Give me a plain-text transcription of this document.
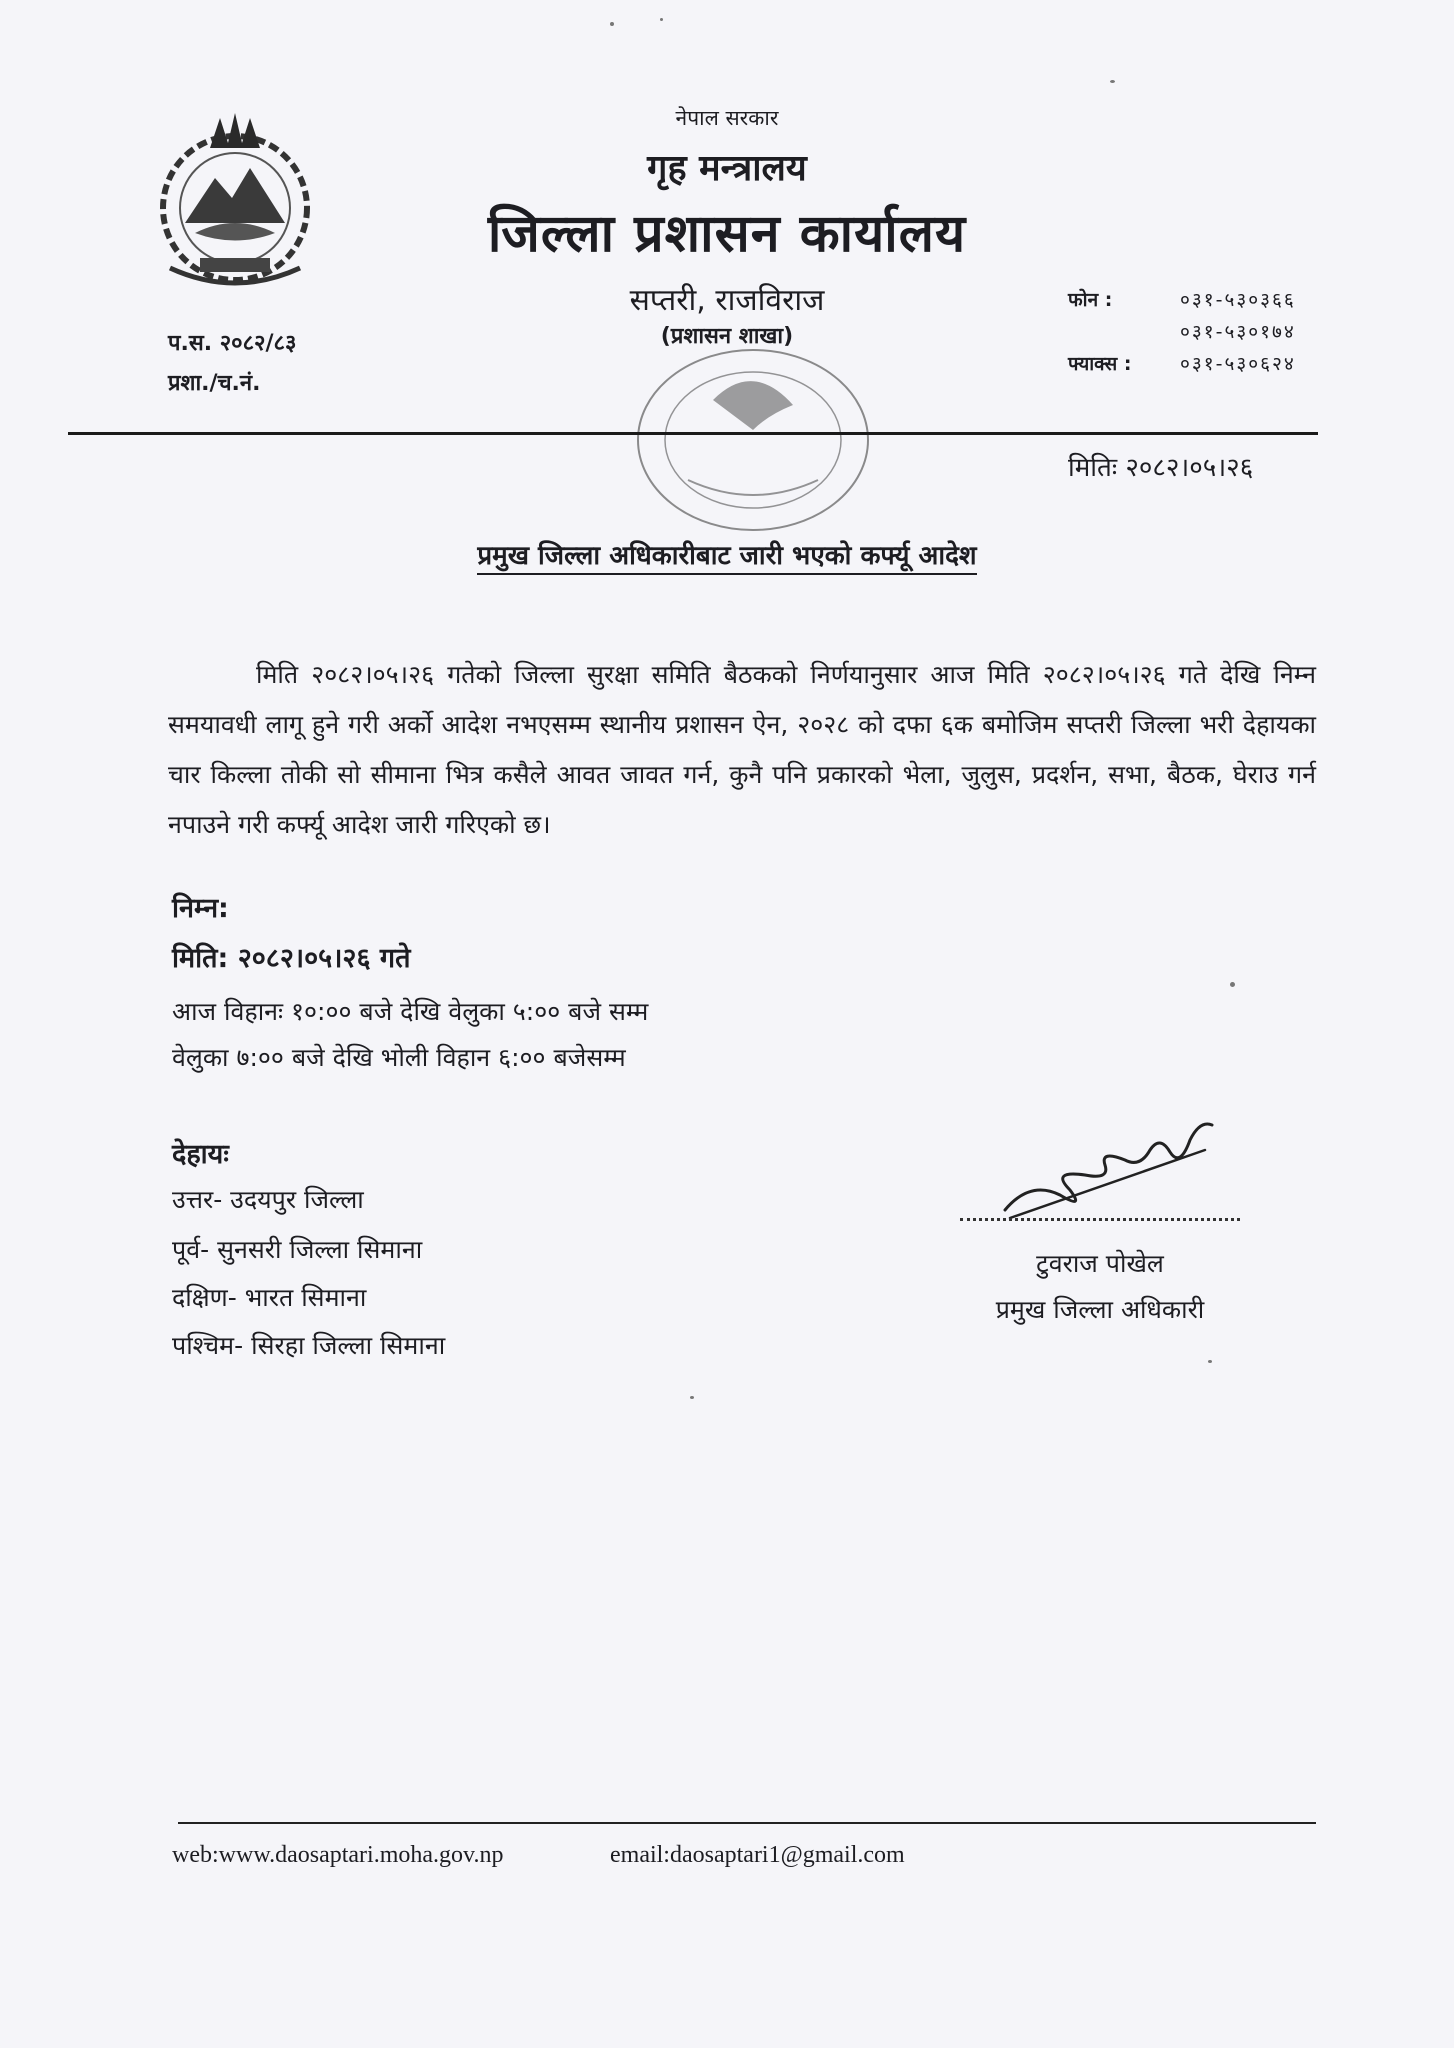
नेपाल सरकार
गृह मन्त्रालय
जिल्ला प्रशासन कार्यालय
सप्तरी, राजविराज
(प्रशासन शाखा)
प.स. २०८२/८३
प्रशा./च.नं.
फोन :	०३१-५३०३६६
०३१-५३०१७४
फ्याक्स :	०३१-५३०६२४
मितिः २०८२।०५।२६
प्रमुख जिल्ला अधिकारीबाट जारी भएको कर्फ्यू आदेश
मिति २०८२।०५।२६ गतेको जिल्ला सुरक्षा समिति बैठकको निर्णयानुसार आज मिति २०८२।०५।२६ गते देखि निम्न समयावधी लागू हुने गरी अर्को आदेश नभएसम्म स्थानीय प्रशासन ऐन, २०२८ को दफा ६क बमोजिम सप्तरी जिल्ला भरी देहायका चार किल्ला तोकी सो सीमाना भित्र कसैले आवत जावत गर्न, कुनै पनि प्रकारको भेला, जुलुस, प्रदर्शन, सभा, बैठक, घेराउ गर्न नपाउने गरी कर्फ्यू आदेश जारी गरिएको छ।
निम्न:
मिति: २०८२।०५।२६ गते
आज विहानः १०:०० बजे देखि वेलुका ५:०० बजे सम्म
वेलुका ७:०० बजे देखि भोली विहान ६:०० बजेसम्म
देहायः
उत्तर- उदयपुर जिल्ला
पूर्व- सुनसरी जिल्ला सिमाना
दक्षिण- भारत सिमाना
पश्चिम- सिरहा जिल्ला सिमाना
टुवराज पोखेल
प्रमुख जिल्ला अधिकारी
web:www.daosaptari.moha.gov.np	email:daosaptari1@gmail.com
